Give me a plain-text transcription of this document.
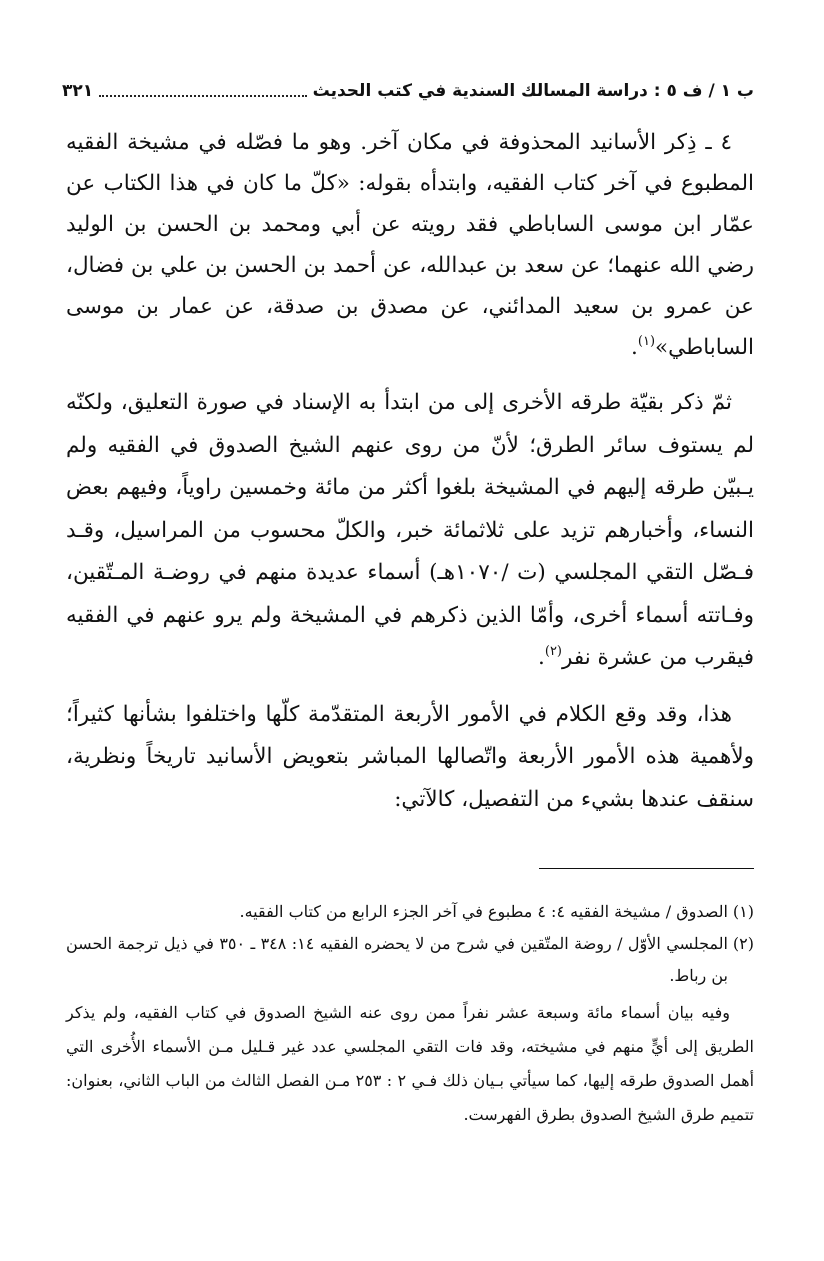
ب ١ / ف ٥ : دراسة المسالك السندية في كتب الحديث
٣٢١

٤ ـ ذِكر الأسانيد المحذوفة في مكان آخر. وهو ما فصّله في مشيخة الفقيه المطبوع في آخر كتاب الفقيه، وابتدأه بقوله: «كلّ ما كان في هذا الكتاب عن عمّار ابن موسى الساباطي فقد رويته عن أبي ومحمد بن الحسن بن الوليد رضي الله عنهما؛ عن سعد بن عبدالله، عن أحمد بن الحسن بن علي بن فضال، عن عمرو بن سعيد المدائني، عن مصدق بن صدقة، عن عمار بن موسى الساباطي»$^{(١)}$.

ثمّ ذكر بقيّة طرقه الأخرى إلى من ابتدأ به الإسناد في صورة التعليق، ولكنّه لم يستوف سائر الطرق؛ لأنّ من روى عنهم الشيخ الصدوق في الفقيه ولم يـبيّن طرقه إليهم في المشيخة بلغوا أكثر من مائة وخمسين راوياً، وفيهم بعض النساء، وأخبارهم تزيد على ثلاثمائة خبر، والكلّ محسوب من المراسيل، وقـد فـصّل التقي المجلسي (ت /١٠٧٠هـ) أسماء عديدة منهم في روضـة المـتّقين، وفـاتته أسماء أخرى، وأمّا الذين ذكرهم في المشيخة ولم يرو عنهم في الفقيه فيقرب من عشرة نفر$^{(٢)}$.

هذا، وقد وقع الكلام في الأمور الأربعة المتقدّمة كلّها واختلفوا بشأنها كثيراً؛ ولأهمية هذه الأمور الأربعة واتّصالها المباشر بتعويض الأسانيد تاريخاً ونظرية، سنقف عندها بشيء من التفصيل، كالآتي:

(١)الصدوق / مشيخة الفقيه ٤: ٤ مطبوع في آخر الجزء الرابع من كتاب الفقيه.

(٢)المجلسي الأوّل / روضة المتّقين في شرح من لا يحضره الفقيه ١٤: ٣٤٨ ـ ٣٥٠ في ذيل ترجمة الحسن بن رباط.

وفيه بيان أسماء مائة وسبعة عشر نفراً ممن روى عنه الشيخ الصدوق في كتاب الفقيه، ولم يذكر الطريق إلى أيٍّ منهم في مشيخته، وقد فات التقي المجلسي عدد غير قـليل مـن الأسماء الأُخرى التي أهمل الصدوق طرقه إليها، كما سيأتي بـيان ذلك فـي ٢ : ٢٥٣ مـن الفصل الثالث من الباب الثاني، بعنوان: تتميم طرق الشيخ الصدوق بطرق الفهرست.
